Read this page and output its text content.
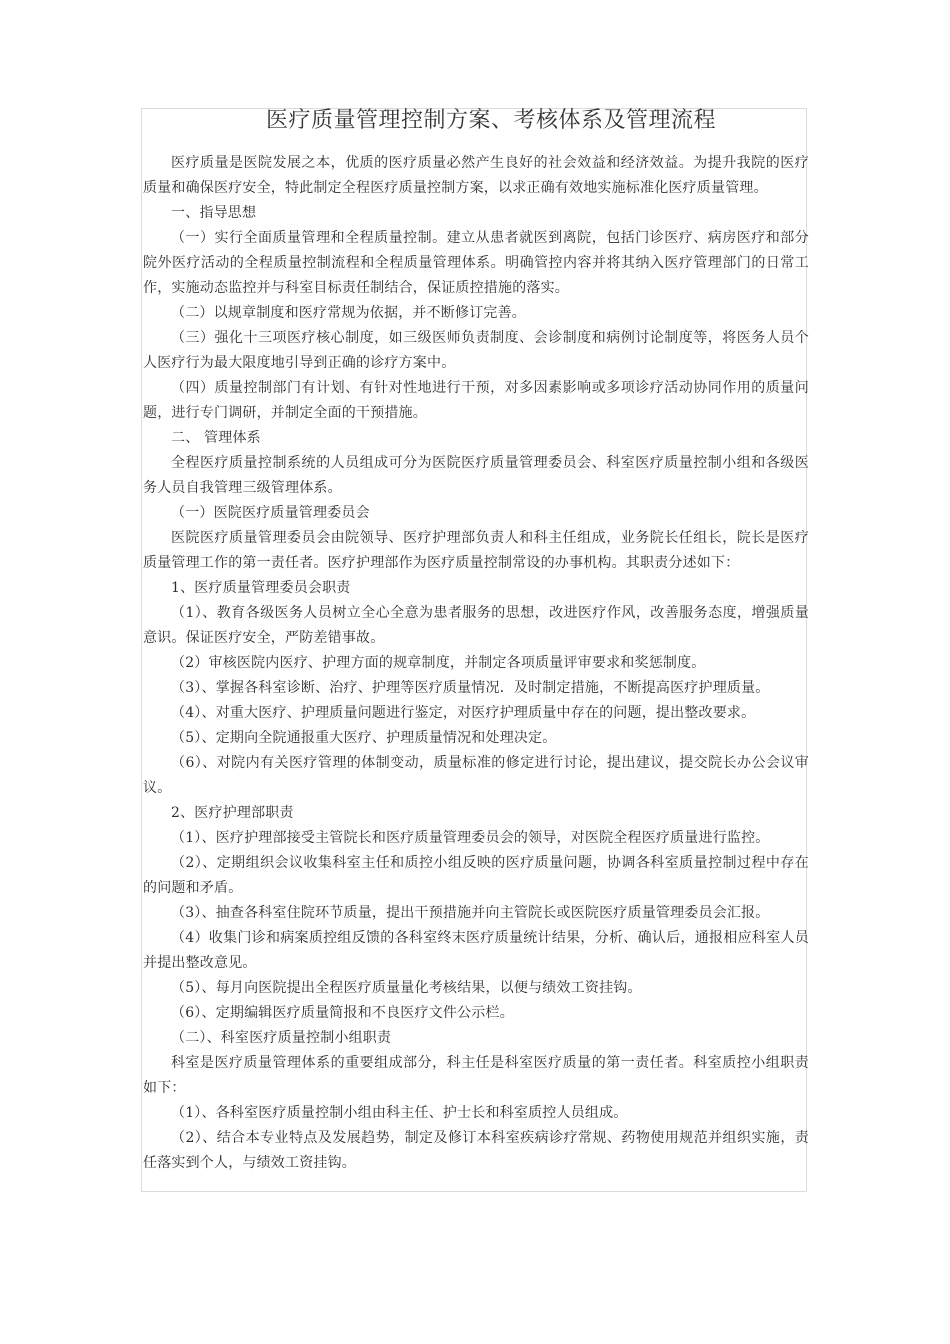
医疗质量管理控制方案、考核体系及管理流程

医疗质量是医院发展之本，优质的医疗质量必然产生良好的社会效益和经济效益。为提升我院的医疗质量和确保医疗安全，特此制定全程医疗质量控制方案，以求正确有效地实施标准化医疗质量管理。

一、指导思想

（一）实行全面质量管理和全程质量控制。建立从患者就医到离院，包括门诊医疗、病房医疗和部分院外医疗活动的全程质量控制流程和全程质量管理体系。明确管控内容并将其纳入医疗管理部门的日常工作，实施动态监控并与科室目标责任制结合，保证质控措施的落实。

（二）以规章制度和医疗常规为依据，并不断修订完善。

（三）强化十三项医疗核心制度，如三级医师负责制度、会诊制度和病例讨论制度等，将医务人员个人医疗行为最大限度地引导到正确的诊疗方案中。

（四）质量控制部门有计划、有针对性地进行干预，对多因素影响或多项诊疗活动协同作用的质量问题，进行专门调研，并制定全面的干预措施。

二、 管理体系

全程医疗质量控制系统的人员组成可分为医院医疗质量管理委员会、科室医疗质量控制小组和各级医务人员自我管理三级管理体系。

（一）医院医疗质量管理委员会

医院医疗质量管理委员会由院领导、医疗护理部负责人和科主任组成，业务院长任组长，院长是医疗质量管理工作的第一责任者。医疗护理部作为医疗质量控制常设的办事机构。其职责分述如下：

1、医疗质量管理委员会职责

（1）、教育各级医务人员树立全心全意为患者服务的思想，改进医疗作风，改善服务态度，增强质量意识。保证医疗安全，严防差错事故。

（2）审核医院内医疗、护理方面的规章制度，并制定各项质量评审要求和奖惩制度。

（3）、掌握各科室诊断、治疗、护理等医疗质量情况．及时制定措施，不断提高医疗护理质量。

（4）、对重大医疗、护理质量问题进行鉴定，对医疗护理质量中存在的问题，提出整改要求。

（5）、定期向全院通报重大医疗、护理质量情况和处理决定。

（6）、对院内有关医疗管理的体制变动，质量标准的修定进行讨论，提出建议，提交院长办公会议审议。

2、医疗护理部职责

（1）、医疗护理部接受主管院长和医疗质量管理委员会的领导，对医院全程医疗质量进行监控。

（2）、定期组织会议收集科室主任和质控小组反映的医疗质量问题，协调各科室质量控制过程中存在的问题和矛盾。

（3）、抽查各科室住院环节质量，提出干预措施并向主管院长或医院医疗质量管理委员会汇报。

（4）收集门诊和病案质控组反馈的各科室终末医疗质量统计结果，分析、确认后，通报相应科室人员并提出整改意见。

（5）、每月向医院提出全程医疗质量量化考核结果，以便与绩效工资挂钩。

（6）、定期编辑医疗质量简报和不良医疗文件公示栏。

（二）、科室医疗质量控制小组职责

科室是医疗质量管理体系的重要组成部分，科主任是科室医疗质量的第一责任者。科室质控小组职责如下：

（1）、各科室医疗质量控制小组由科主任、护士长和科室质控人员组成。

（2）、结合本专业特点及发展趋势，制定及修订本科室疾病诊疗常规、药物使用规范并组织实施，责任落实到个人，与绩效工资挂钩。
